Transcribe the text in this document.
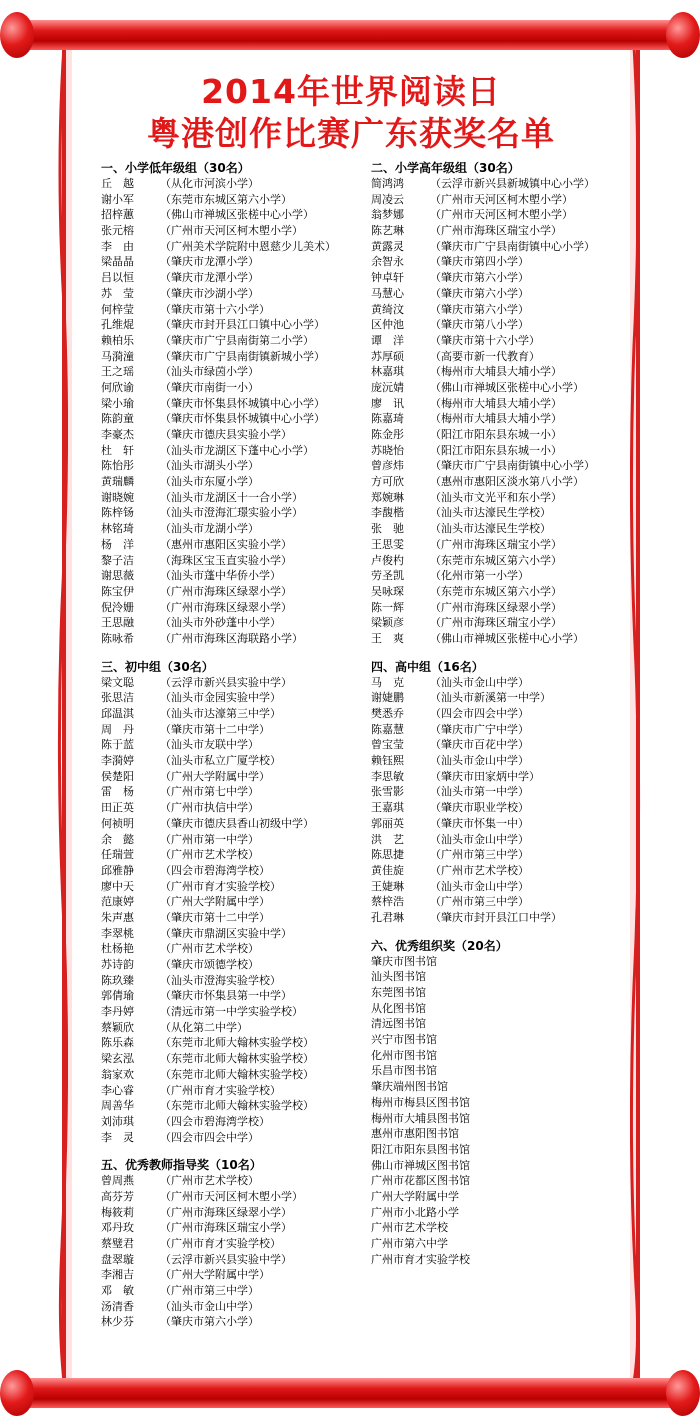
2014年世界阅读日
粤港创作比赛广东获奖名单
一、小学低年级组（30名）
丘　越	（从化市河滨小学）
谢小军	（东莞市东城区第六小学）
招梓蕙	（佛山市禅城区张槎中心小学）
张元榕	（广州市天河区柯木塱小学）
李　由	（广州美术学院附中恩慈少儿美术）
梁晶晶	（肇庆市龙潭小学）
吕以恒	（肇庆市龙潭小学）
苏　莹	（肇庆市沙湖小学）
何梓莹	（肇庆市第十六小学）
孔维焜	（肇庆市封开县江口镇中心小学）
赖柏乐	（肇庆市广宁县南街第二小学）
马漪潼	（肇庆市广宁县南街镇新城小学）
王之瑶	（汕头市绿茵小学）
何欣谕	（肇庆市南街一小）
梁小瑜	（肇庆市怀集县怀城镇中心小学）
陈韵童	（肇庆市怀集县怀城镇中心小学）
李豪杰	（肇庆市德庆县实验小学）
杜　轩	（汕头市龙湖区下蓬中心小学）
陈怡彤	（汕头市湖头小学）
黄瑞麟	（汕头市东厦小学）
谢晓婉	（汕头市龙湖区十一合小学）
陈梓钖	（汕头市澄海汇璟实验小学）
林铭琦	（汕头市龙湖小学）
杨　洋	（惠州市惠阳区实验小学）
黎子洁	（海珠区宝玉直实验小学）
谢思薇	（汕头市蓬中华侨小学）
陈宝伊	（广州市海珠区绿翠小学）
倪泠姗	（广州市海珠区绿翠小学）
王思融	（汕头市外砂蓬中小学）
陈咏希	（广州市海珠区海联路小学）
三、初中组（30名）
梁文聪	（云浮市新兴县实验中学）
张思洁	（汕头市金园实验中学）
邱温淇	（汕头市达濠第三中学）
周　丹	（肇庆市第十二中学）
陈于蓝	（汕头市友联中学）
李漪婷	（汕头市私立广厦学校）
侯楚阳	（广州大学附属中学）
雷　杨	（广州市第七中学）
田正英	（广州市执信中学）
何祯明	（肇庆市德庆县香山初级中学）
余　懿	（广州市第一中学）
任瑞萱	（广州市艺术学校）
邱雅静	（四会市碧海湾学校）
廖中天	（广州市育才实验学校）
范康婷	（广州大学附属中学）
朱声惠	（肇庆市第十二中学）
李翠桃	（肇庆市鼎湖区实验中学）
杜杨艳	（广州市艺术学校）
苏诗韵	（肇庆市颂德学校）
陈玖臻	（汕头市澄海实验学校）
郭倩瑜	（肇庆市怀集县第一中学）
李丹婷	（清远市第一中学实验学校）
蔡颖欣	（从化第二中学）
陈乐森	（东莞市北师大翰林实验学校）
梁玄泓	（东莞市北师大翰林实验学校）
翁家欢	（东莞市北师大翰林实验学校）
李心睿	（广州市育才实验学校）
周善华	（东莞市北师大翰林实验学校）
刘沛琪	（四会市碧海湾学校）
李　灵	（四会市四会中学）
五、优秀教师指导奖（10名）
曾周燕	（广州市艺术学校）
高芬芳	（广州市天河区柯木塱小学）
梅筱莉	（广州市海珠区绿翠小学）
邓丹玫	（广州市海珠区瑞宝小学）
蔡璧君	（广州市育才实验学校）
盘翠璇	（云浮市新兴县实验中学）
李湘吉	（广州大学附属中学）
邓　敏	（广州市第三中学）
汤清香	（汕头市金山中学）
林少芬	（肇庆市第六小学）
二、小学高年级组（30名）
简鸿鸿	（云浮市新兴县新城镇中心小学）
周凌云	（广州市天河区柯木塱小学）
翁梦娜	（广州市天河区柯木塱小学）
陈艺琳	（广州市海珠区瑞宝小学）
黄露灵	（肇庆市广宁县南街镇中心小学）
余智永	（肇庆市第四小学）
钟卓轩	（肇庆市第六小学）
马慧心	（肇庆市第六小学）
黄绮汶	（肇庆市第六小学）
区仲池	（肇庆市第八小学）
谭　洋	（肇庆市第十六小学）
苏厚硕	（高要市新一代教育）
林嘉琪	（梅州市大埔县大埔小学）
庞沅婧	（佛山市禅城区张槎中心小学）
廖　讯	（梅州市大埔县大埔小学）
陈嘉琦	（梅州市大埔县大埔小学）
陈金彤	（阳江市阳东县东城一小）
苏晓怡	（阳江市阳东县东城一小）
曾彦炜	（肇庆市广宁县南街镇中心小学）
方可欣	（惠州市惠阳区淡水第八小学）
郑婉琳	（汕头市文光平和东小学）
李馥楷	（汕头市达濠民生学校）
张　驰	（汕头市达濠民生学校）
王思雯	（广州市海珠区瑞宝小学）
卢俊杓	（东莞市东城区第六小学）
劳圣凯	（化州市第一小学）
吴咏琛	（东莞市东城区第六小学）
陈一辉	（广州市海珠区绿翠小学）
梁颖彦	（广州市海珠区瑞宝小学）
王　爽	（佛山市禅城区张槎中心小学）
四、高中组（16名）
马　克	（汕头市金山中学）
谢婕鹏	（汕头市新溪第一中学）
樊悉乔	（四会市四会中学）
陈嘉慧	（肇庆市广宁中学）
曾宝莹	（肇庆市百花中学）
赖钰熙	（汕头市金山中学）
李思敏	（肇庆市田家炳中学）
张雪影	（汕头市第一中学）
王嘉琪	（肇庆市职业学校）
郭丽英	（肇庆市怀集一中）
洪　艺	（汕头市金山中学）
陈思捷	（广州市第三中学）
黄佳旋	（广州市艺术学校）
王婕琳	（汕头市金山中学）
蔡梓浩	（广州市第三中学）
孔君琳	（肇庆市封开县江口中学）
六、优秀组织奖（20名）
肇庆市图书馆
汕头图书馆
东莞图书馆
从化图书馆
清远图书馆
兴宁市图书馆
化州市图书馆
乐昌市图书馆
肇庆端州图书馆
梅州市梅县区图书馆
梅州市大埔县图书馆
惠州市惠阳图书馆
阳江市阳东县图书馆
佛山市禅城区图书馆
广州市花都区图书馆
广州大学附属中学
广州市小北路小学
广州市艺术学校
广州市第六中学
广州市育才实验学校
